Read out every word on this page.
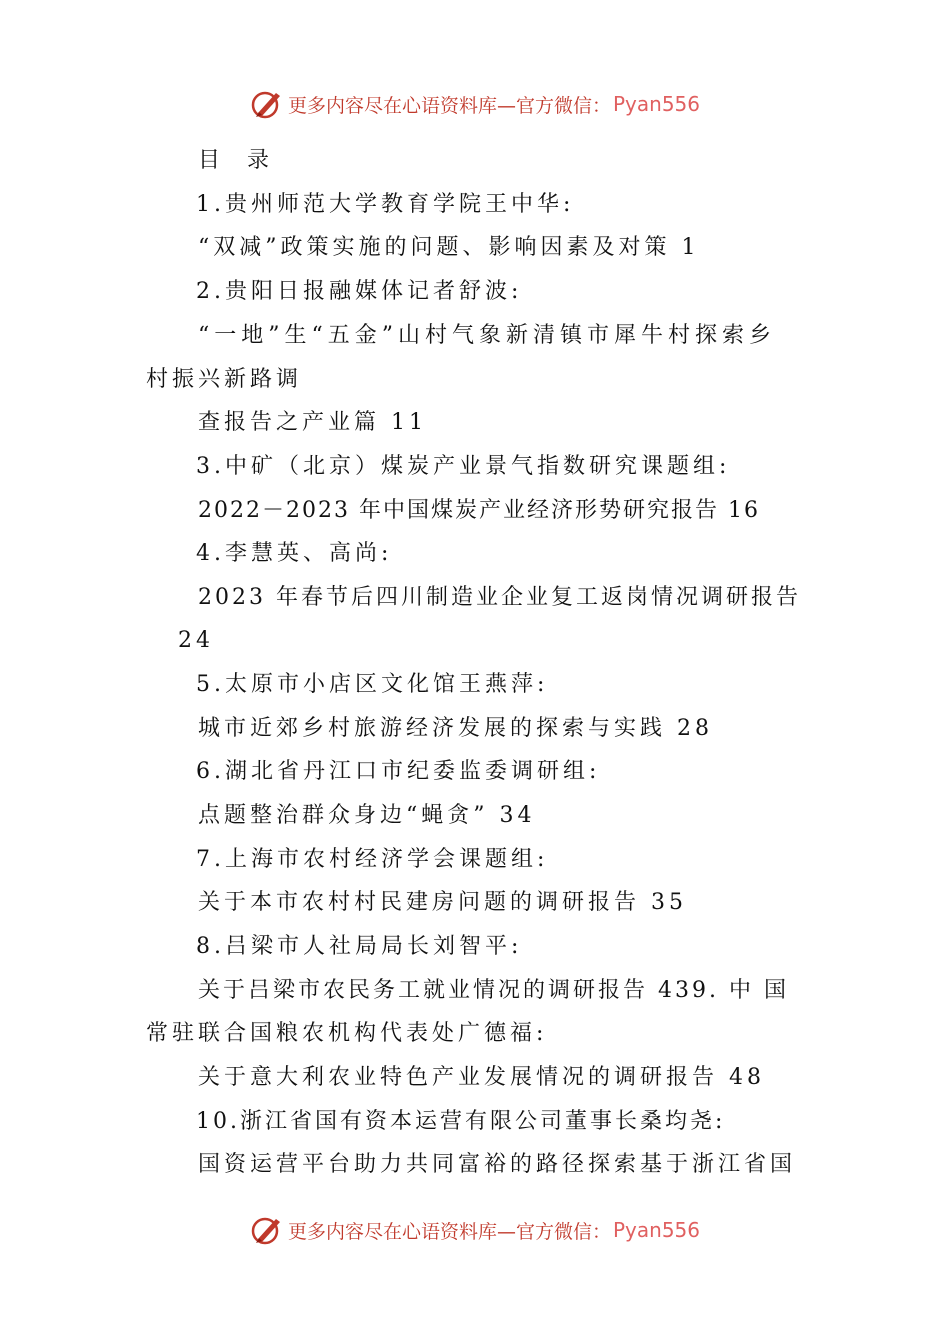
更多内容尽在心语资料库—官方微信： Pyan556
目 录
1.贵州师范大学教育学院王中华:
“双减”政策实施的问题、影响因素及对策 1
2.贵阳日报融媒体记者舒波:
“一地”生“五金”山村气象新清镇市犀牛村探索乡
村振兴新路调
查报告之产业篇 11
3.中矿（北京）煤炭产业景气指数研究课题组:
2022－2023 年中国煤炭产业经济形势研究报告 16
4.李慧英、高尚:
2023 年春节后四川制造业企业复工返岗情况调研报告
24
5.太原市小店区文化馆王燕萍:
城市近郊乡村旅游经济发展的探索与实践 28
6.湖北省丹江口市纪委监委调研组:
点题整治群众身边“蝇贪” 34
7.上海市农村经济学会课题组:
关于本市农村村民建房问题的调研报告 35
8.吕梁市人社局局长刘智平:
关于吕梁市农民务工就业情况的调研报告 439. 中 国
常驻联合国粮农机构代表处广德福:
关于意大利农业特色产业发展情况的调研报告 48
10.浙江省国有资本运营有限公司董事长桑均尧:
国资运营平台助力共同富裕的路径探索基于浙江省国
更多内容尽在心语资料库—官方微信： Pyan556
